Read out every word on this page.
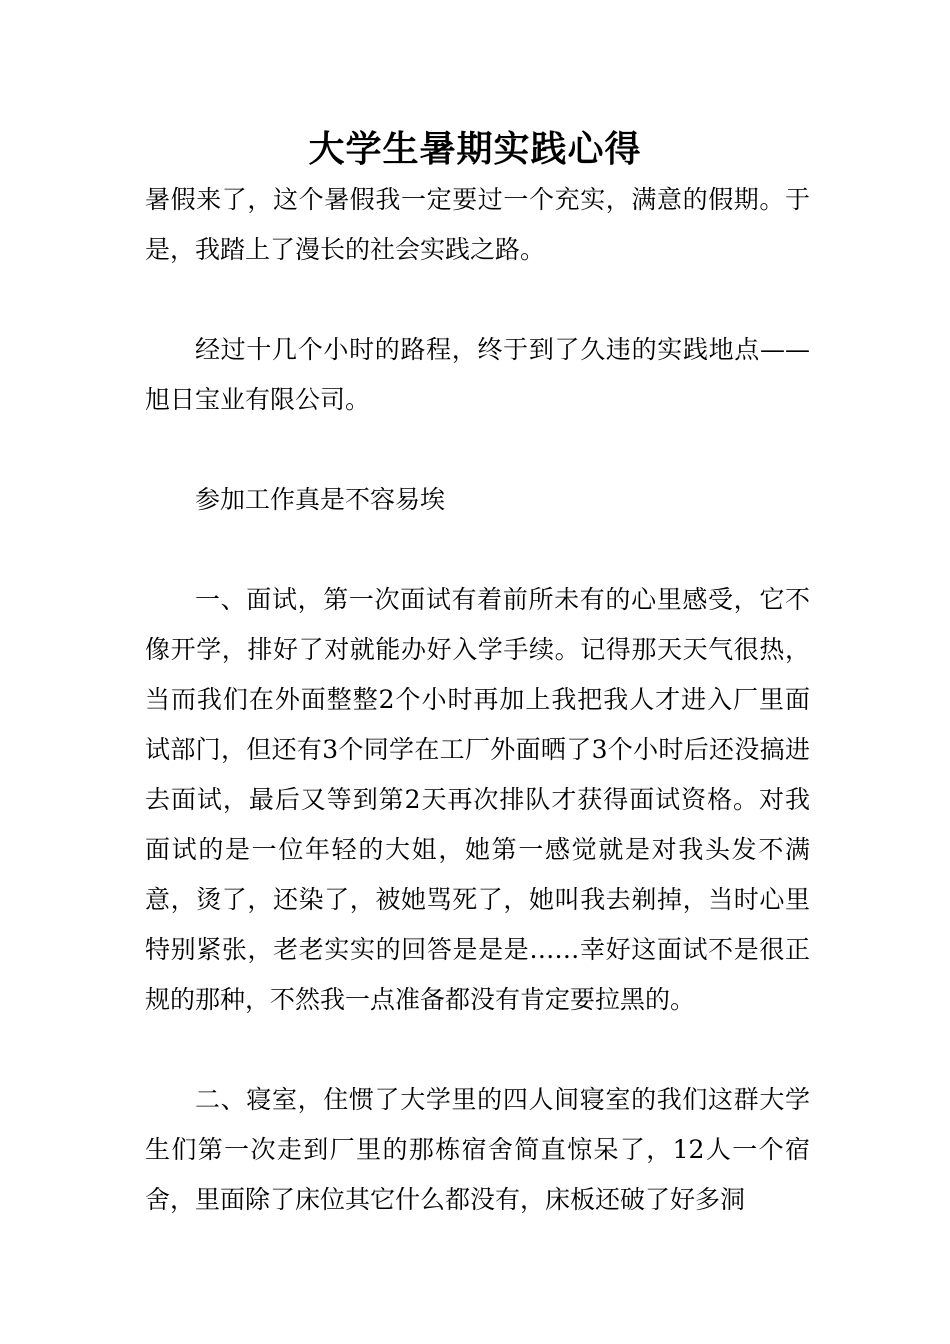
大学生暑期实践心得

暑假来了，这个暑假我一定要过一个充实，满意的假期。于是，我踏上了漫长的社会实践之路。

经过十几个小时的路程，终于到了久违的实践地点——旭日宝业有限公司。

参加工作真是不容易埃

一、面试，第一次面试有着前所未有的心里感受，它不像开学，排好了对就能办好入学手续。记得那天天气很热，当而我们在外面整整2个小时再加上我把我人才进入厂里面试部门，但还有3个同学在工厂外面晒了3个小时后还没搞进去面试，最后又等到第2天再次排队才获得面试资格。对我面试的是一位年轻的大姐，她第一感觉就是对我头发不满意，烫了，还染了，被她骂死了，她叫我去剃掉，当时心里特别紧张，老老实实的回答是是是……幸好这面试不是很正规的那种，不然我一点准备都没有肯定要拉黑的。

二、寝室，住惯了大学里的四人间寝室的我们这群大学生们第一次走到厂里的那栋宿舍简直惊呆了，12人一个宿舍，里面除了床位其它什么都没有，床板还破了好多洞
